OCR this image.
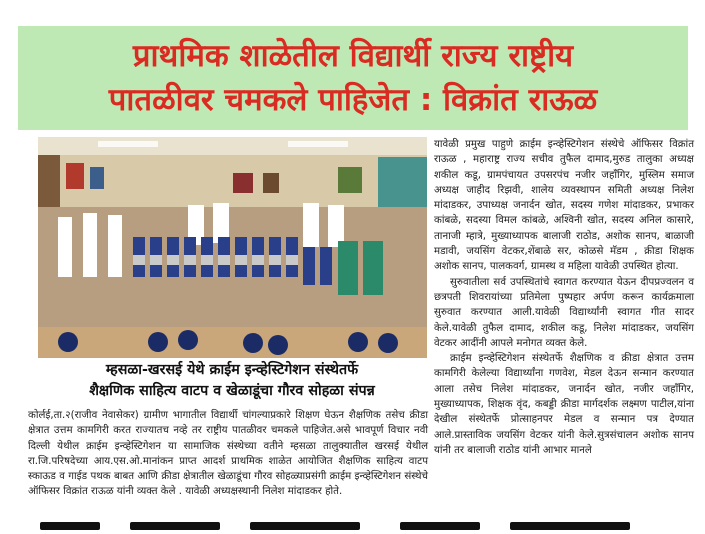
प्राथमिक शाळेतील विद्यार्थी राज्य राष्ट्रीय
पातळीवर चमकले पाहिजेत : विक्रांत राऊळ
म्हसळा-खरसई येथे क्राईम इन्व्हेस्टिगेशन संस्थेतर्फे
शैक्षणिक साहित्य वाटप व खेळाडूंचा गौरव सोहळा संपन्न

कोर्लई,ता.२(राजीव नेवासेकर) ग्रामीण भागातील विद्यार्थी चांगल्याप्रकारे शिक्षण घेऊन शैक्षणिक तसेच क्रीडा क्षेत्रात उत्तम कामगिरी करत राज्यातच नव्हे तर राष्ट्रीय पातळीवर चमकले पाहिजेत.असे भावपूर्ण विचार नवी दिल्ली येथील क्राईम इन्व्हेस्टिगेशन या सामाजिक संस्थेच्या वतीने म्हसळा तालुक्यातील खरसई येथील रा.जि.परिषदेच्या आय.एस.ओ.मानांकन प्राप्त आदर्श प्राथमिक शाळेत आयोजित शैक्षणिक साहित्य वाटप स्काऊड व गाईड पथक बाबत आणि क्रीडा क्षेत्रातील खेळाडूंचा गौरव सोहळ्याप्रसंगी क्राईम इन्व्हेस्टिगेशन संस्थेचे ऑफिसर विक्रांत राऊळ यांनी व्यक्त केले . यावेळी अध्यक्षस्थानी निलेश मांदाडकर होते.

यावेळी प्रमुख पाहुणे क्राईम इन्व्हेस्टिगेशन संस्थेचे ऑफिसर विक्रांत राऊळ , महाराष्ट्र राज्य सचीव तुफैल दामाद,मुरुड तालुका अध्यक्ष शकील कडू, ग्रामपंचायत उपसरपंच नजीर जहाँगिर, मुस्लिम समाज अध्यक्ष जाहीद रिझवी, शालेय व्यवस्थापन समिती अध्यक्ष निलेश मांदाडकर, उपाध्यक्ष जनार्दन खोत, सदस्य गणेश मांदाडकर, प्रभाकर कांबळे, सदस्या विमल कांबळे, अश्विनी खोत, सदस्य अनिल कासारे, तानाजी म्हात्रे, मुख्याध्यापक बालाजी राठोड, अशोक सानप, बाळाजी मडावी, जयसिंग वेटकर,शेंबाळे सर, कोळसे मॅडम , क्रीडा शिक्षक अशोक सानप, पालकवर्ग, ग्रामस्थ व महिला यावेळी उपस्थित होत्या.

सुरुवातीला सर्व उपस्थितांचे स्वागत करण्यात येऊन दीपप्रज्वलन व छत्रपती शिवरायांच्या प्रतिमेला पुष्पहार अर्पण करून कार्यक्रमाला सुरुवात करण्यात आली.यावेळी विद्यार्थ्यांनी स्वागत गीत सादर केले.यावेळी तुफैल दामाद, शकील कडू, निलेश मांदाडकर, जयसिंग वेटकर आदींनी आपले मनोगत व्यक्त केले.

क्राईम इन्व्हेस्टिगेशन संस्थेतर्फे शैक्षणिक व क्रीडा क्षेत्रात उत्तम कामगिरी केलेल्या विद्यार्थ्यांना गणवेश, मेडल देऊन सन्मान करण्यात आला तसेच निलेश मांदाडकर, जनार्दन खोत, नजीर जहाँगिर, मुख्याध्यापक, शिक्षक वृंद, कबड्डी क्रीडा मार्गदर्शक लक्ष्मण पाटील,यांना देखील संस्थेतर्फे प्रोत्साहनपर मेडल व सन्मान पत्र देण्यात आले.प्रास्ताविक जयसिंग वेटकर यांनी केले.सुत्रसंचालन अशोक सानप यांनी तर बालाजी राठोड यांनी आभार मानले
